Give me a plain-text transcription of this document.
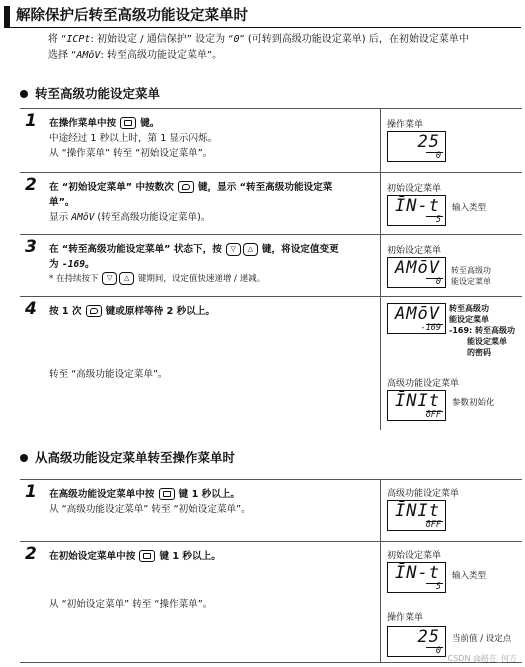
解除保护后转至高级功能设定菜单时
将 “ICPt: 初始设定 / 通信保护” 设定为 “0” (可转到高级功能设定菜单) 后，在初始设定菜单中
选择 “AMōV: 转至高级功能设定菜单”。
转至高级功能设定菜单
1 在操作菜单中按	键。
中途经过 1 秒以上时，第 1 显示闪烁。
从 “操作菜单” 转至 “初始设定菜单”。
操作菜单
25
0
2 在 “初始设定菜单” 中按数次	键，显示 “转至高级功能设定菜
单”。
显示 AMōV (转至高级功能设定菜单)。
初始设定菜单
ĪN-t
5
输入类型
3 在 “转至高级功能设定菜单” 状态下，按 ▽ △ 键，将设定值变更
为 -169。
* 在持续按下 ▽ △ 键期间，设定值快速递增 / 递减。
初始设定菜单
AMōV
0
转至高级功
能设定菜单
4 按 1 次	键或原样等待 2 秒以上。
转至 “高级功能设定菜单”。
AMōV
-169
转至高级功
能设定菜单
-169: 转至高级功
能设定菜单
的密码
高级功能设定菜单
ĪNIt
ōFF
参数初始化
从高级功能设定菜单转至操作菜单时
1 在高级功能设定菜单中按	键 1 秒以上。
从 “高级功能设定菜单” 转至 “初始设定菜单”。
高级功能设定菜单
ĪNIt
ōFF
2 在初始设定菜单中按	键 1 秒以上。
从 “初始设定菜单” 转至 “操作菜单”。
初始设定菜单
ĪN-t
5
输入类型
操作菜单
25
0
当前值 / 设定点
CSDN @路在_何方
